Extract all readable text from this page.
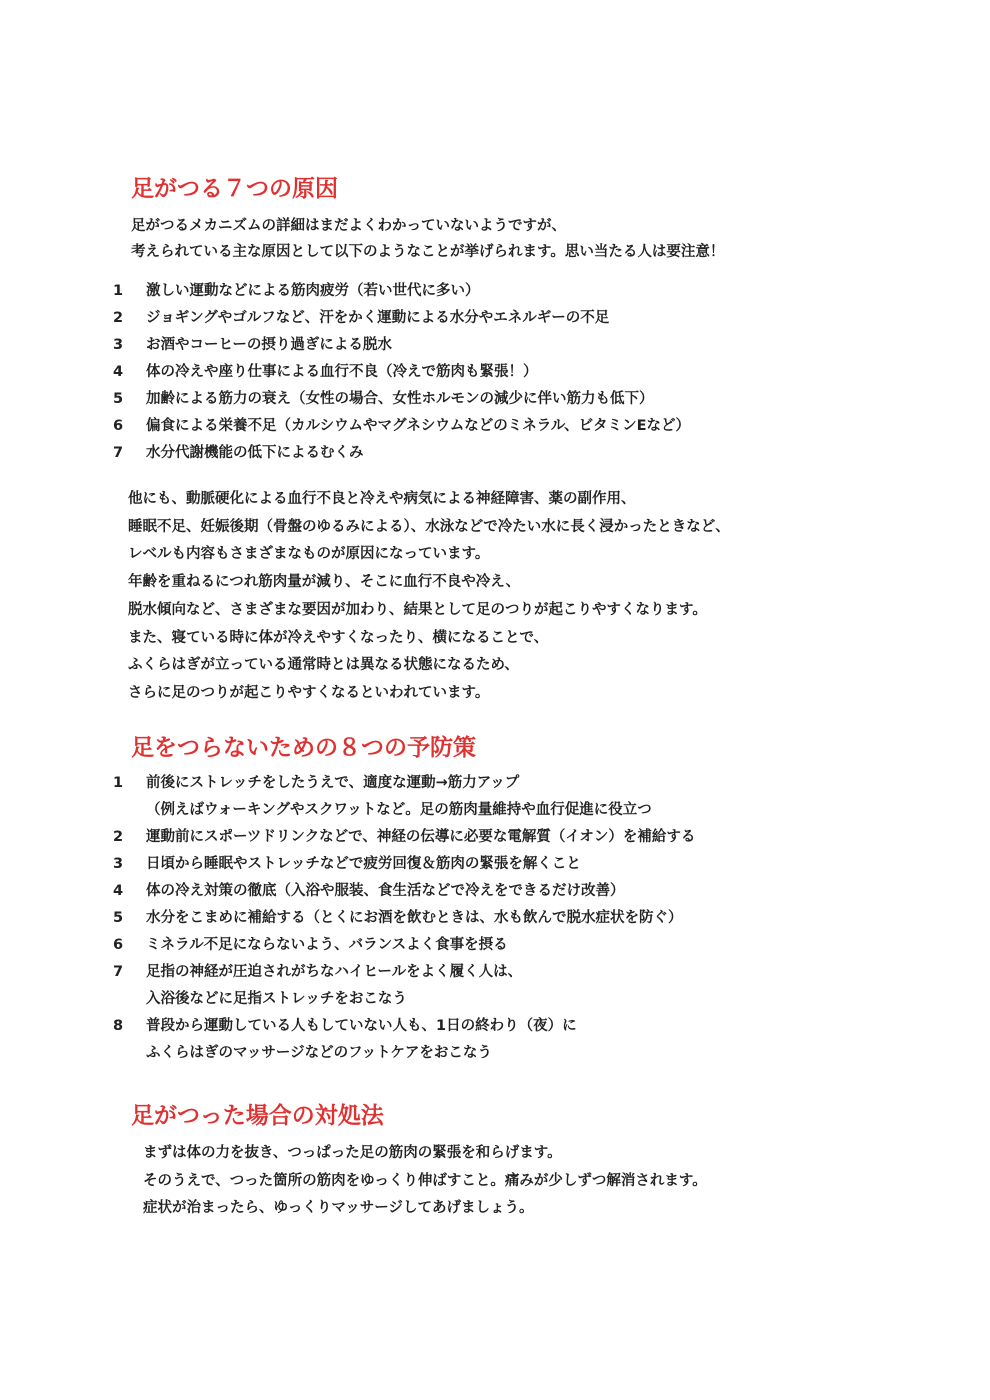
足がつる７つの原因

足がつるメカニズムの詳細はまだよくわかっていないようですが、
考えられている主な原因として以下のようなことが挙げられます。思い当たる人は要注意！

1 激しい運動などによる筋肉疲労（若い世代に多い）
2 ジョギングやゴルフなど、汗をかく運動による水分やエネルギーの不足
3 お酒やコーヒーの摂り過ぎによる脱水
4 体の冷えや座り仕事による血行不良（冷えで筋肉も緊張！）
5 加齢による筋力の衰え（女性の場合、女性ホルモンの減少に伴い筋力も低下）
6 偏食による栄養不足（カルシウムやマグネシウムなどのミネラル、ビタミンEなど）
7 水分代謝機能の低下によるむくみ

他にも、動脈硬化による血行不良と冷えや病気による神経障害、薬の副作用、
睡眠不足、妊娠後期（骨盤のゆるみによる）、水泳などで冷たい水に長く浸かったときなど、
レベルも内容もさまざまなものが原因になっています。
年齢を重ねるにつれ筋肉量が減り、そこに血行不良や冷え、
脱水傾向など、さまざまな要因が加わり、結果として足のつりが起こりやすくなります。
また、寝ている時に体が冷えやすくなったり、横になることで、
ふくらはぎが立っている通常時とは異なる状態になるため、
さらに足のつりが起こりやすくなるといわれています。

足をつらないための８つの予防策
1 前後にストレッチをしたうえで、適度な運動→筋力アップ
（例えばウォーキングやスクワットなど。足の筋肉量維持や血行促進に役立つ
2 運動前にスポーツドリンクなどで、神経の伝導に必要な電解質（イオン）を補給する
3 日頃から睡眠やストレッチなどで疲労回復＆筋肉の緊張を解くこと
4 体の冷え対策の徹底（入浴や服装、食生活などで冷えをできるだけ改善）
5 水分をこまめに補給する（とくにお酒を飲むときは、水も飲んで脱水症状を防ぐ）
6 ミネラル不足にならないよう、バランスよく食事を摂る
7 足指の神経が圧迫されがちなハイヒールをよく履く人は、
入浴後などに足指ストレッチをおこなう
8 普段から運動している人もしていない人も、1日の終わり（夜）に
ふくらはぎのマッサージなどのフットケアをおこなう
足がつった場合の対処法

まずは体の力を抜き、つっぱった足の筋肉の緊張を和らげます。
そのうえで、つった箇所の筋肉をゆっくり伸ばすこと。痛みが少しずつ解消されます。
症状が治まったら、ゆっくりマッサージしてあげましょう。
